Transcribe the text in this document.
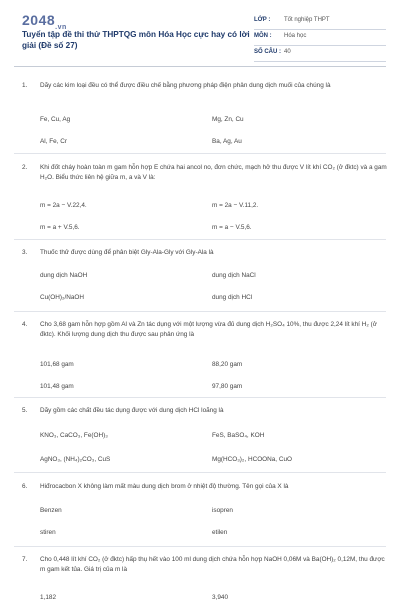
$2048_{.vn}$
Tuyển tập đề thi thử THPTQG môn Hóa Học cực hay có lời giải (Đề số 27)
LỚP : Tốt nghiệp THPT
MÔN : Hóa học
SỐ CÂU : 40
1. Dãy các kim loại đều có thể được điều chế bằng phương pháp điện phân dung dịch muối của chúng là
Fe, Cu, Ag	Mg, Zn, Cu
Al, Fe, Cr	Ba, Ag, Au
2. Khi đốt cháy hoàn toàn m gam hỗn hợp E chứa hai ancol no, đơn chức, mạch hở thu được V lít khí CO₂ (ở đktc) và a gam H₂O. Biểu thức liên hệ giữa m, a và V là:
m = 2a − V.22,4.	m = 2a − V.11,2.
m = a + V.5,6.	m = a − V.5,6.
3. Thuốc thử được dùng để phân biệt Gly-Ala-Gly với Gly-Ala là
dung dịch NaOH	dung dịch NaCl
Cu(OH)₂/NaOH	dung dịch HCl
4. Cho 3,68 gam hỗn hợp gồm Al và Zn tác dụng với một lượng vừa đủ dung dịch H₂SO₄ 10%, thu được 2,24 lít khí H₂ (ở đktc). Khối lượng dung dịch thu được sau phản ứng là
101,68 gam	88,20 gam
101,48 gam	97,80 gam
5. Dãy gồm các chất đều tác dụng được với dung dịch HCl loãng là
KNO₃, CaCO₃, Fe(OH)₃	FeS, BaSO₄, KOH
AgNO₃, (NH₄)₂CO₃, CuS	Mg(HCO₃)₂, HCOONa, CuO
6. Hiđrocacbon X không làm mất màu dung dịch brom ở nhiệt độ thường. Tên gọi của X là
Benzen	isopren
stiren	etilen
7. Cho 0,448 lít khí CO₂ (ở đktc) hấp thụ hết vào 100 ml dung dịch chứa hỗn hợp NaOH 0,06M và Ba(OH)₂ 0,12M, thu được m gam kết tủa. Giá trị của m là
1,182	3,940
